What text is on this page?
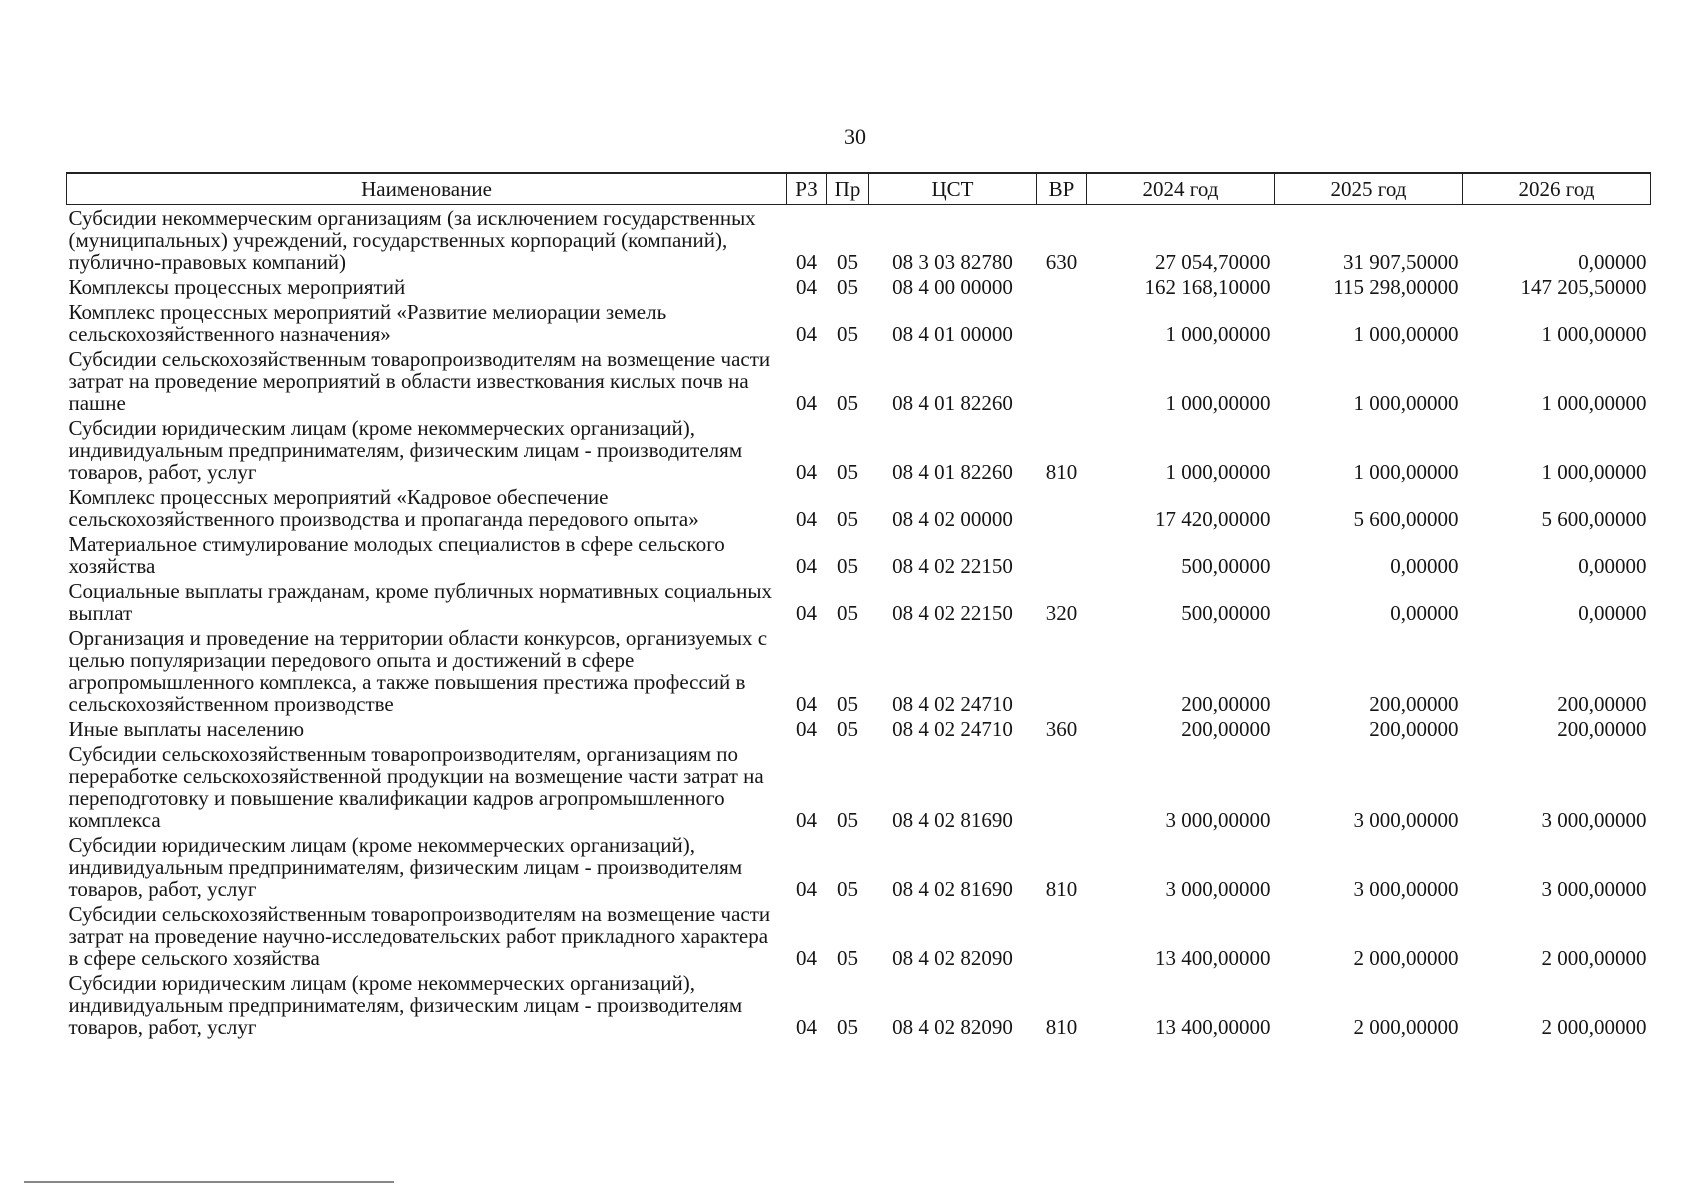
30
Наименование	РЗ	Пр	ЦСТ	ВР	2024 год	2025 год	2026 год
Субсидии некоммерческим организациям (за исключением государственных (муниципальных) учреждений, государственных корпораций (компаний), публично-правовых компаний)	04	05	08 3 03 82780	630	27 054,70000	31 907,50000	0,00000
Комплексы процессных мероприятий	04	05	08 4 00 00000		162 168,10000	115 298,00000	147 205,50000
Комплекс процессных мероприятий «Развитие мелиорации земель сельскохозяйственного назначения»	04	05	08 4 01 00000		1 000,00000	1 000,00000	1 000,00000
Субсидии сельскохозяйственным товаропроизводителям на возмещение части затрат на проведение мероприятий в области известкования кислых почв на пашне	04	05	08 4 01 82260		1 000,00000	1 000,00000	1 000,00000
Субсидии юридическим лицам (кроме некоммерческих организаций), индивидуальным предпринимателям, физическим лицам - производителям товаров, работ, услуг	04	05	08 4 01 82260	810	1 000,00000	1 000,00000	1 000,00000
Комплекс процессных мероприятий «Кадровое обеспечение сельскохозяйственного производства и пропаганда передового опыта»	04	05	08 4 02 00000		17 420,00000	5 600,00000	5 600,00000
Материальное стимулирование молодых специалистов в сфере сельского хозяйства	04	05	08 4 02 22150		500,00000	0,00000	0,00000
Социальные выплаты гражданам, кроме публичных нормативных социальных выплат	04	05	08 4 02 22150	320	500,00000	0,00000	0,00000
Организация и проведение на территории области конкурсов, организуемых с целью популяризации передового опыта и достижений в сфере агропромышленного комплекса, а также повышения престижа профессий в сельскохозяйственном производстве	04	05	08 4 02 24710		200,00000	200,00000	200,00000
Иные выплаты населению	04	05	08 4 02 24710	360	200,00000	200,00000	200,00000
Субсидии сельскохозяйственным товаропроизводителям, организациям по переработке сельскохозяйственной продукции на возмещение части затрат на переподготовку и повышение квалификации кадров агропромышленного комплекса	04	05	08 4 02 81690		3 000,00000	3 000,00000	3 000,00000
Субсидии юридическим лицам (кроме некоммерческих организаций), индивидуальным предпринимателям, физическим лицам - производителям товаров, работ, услуг	04	05	08 4 02 81690	810	3 000,00000	3 000,00000	3 000,00000
Субсидии сельскохозяйственным товаропроизводителям на возмещение части затрат на проведение научно-исследовательских работ прикладного характера в сфере сельского хозяйства	04	05	08 4 02 82090		13 400,00000	2 000,00000	2 000,00000
Субсидии юридическим лицам (кроме некоммерческих организаций), индивидуальным предпринимателям, физическим лицам - производителям товаров, работ, услуг	04	05	08 4 02 82090	810	13 400,00000	2 000,00000	2 000,00000
